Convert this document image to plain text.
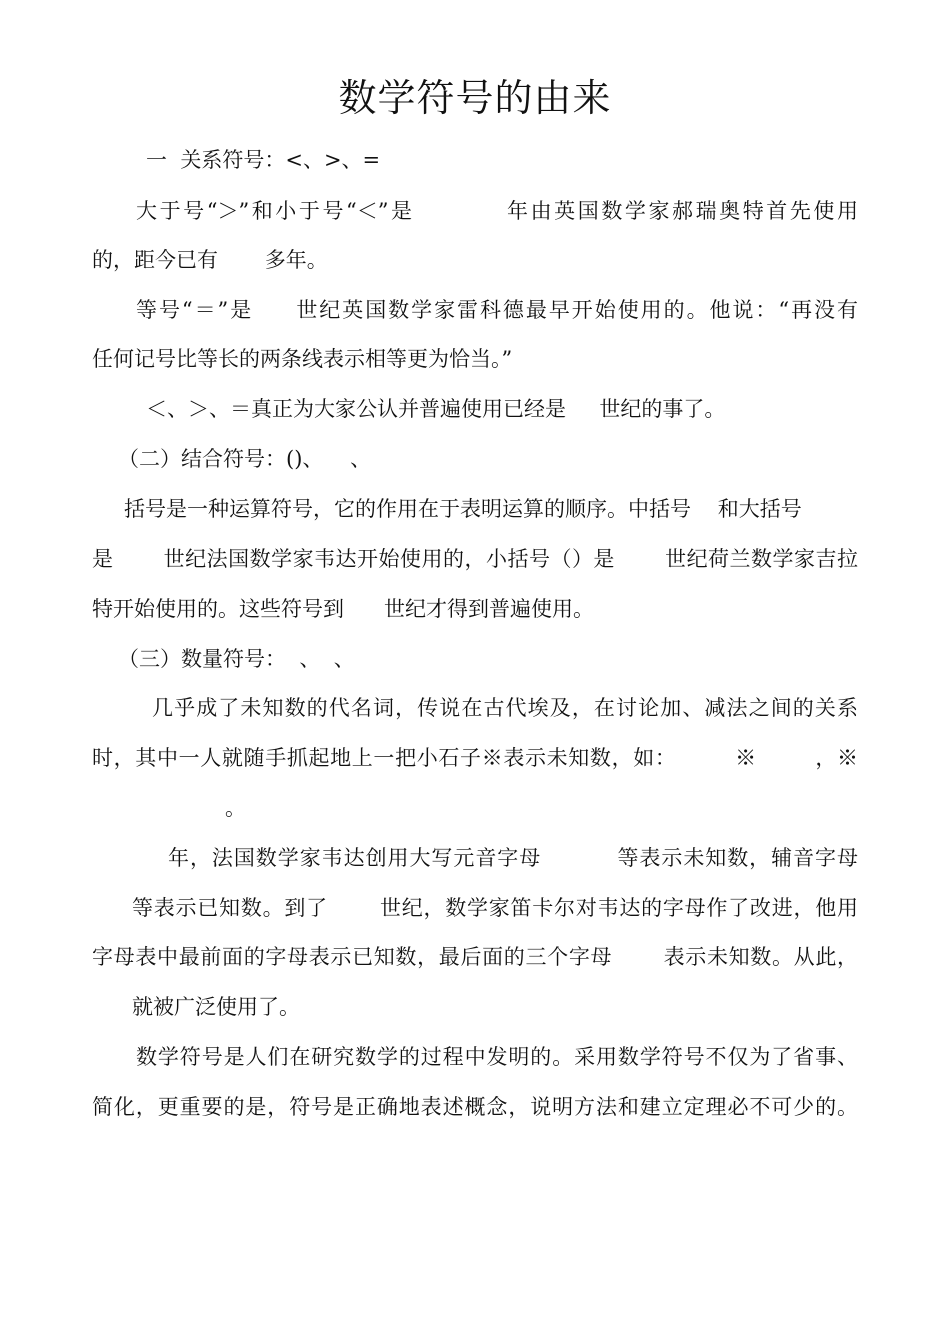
数学符号的由来
一  关系符号：<、>、=
大于号“＞”和小于号“＜”是          年由英国数学家郝瑞奥特首先使用
的，距今已有       多年。
等号“＝”是     世纪英国数学家雷科德最早开始使用的。他说：“再没有
任何记号比等长的两条线表示相等更为恰当。”
＜、＞、＝真正为大家公认并普遍使用已经是     世纪的事了。
（二）结合符号：()、    、
括号是一种运算符号，它的作用在于表明运算的顺序。中括号    和大括号
是       世纪法国数学家韦达开始使用的，小括号（）是       世纪荷兰数学家吉拉
特开始使用的。这些符号到      世纪才得到普遍使用。
（三）数量符号：  、  、
几乎成了未知数的代名词，传说在古代埃及，在讨论加、减法之间的关系
时，其中一人就随手抓起地上一把小石子※表示未知数，如：        ※        ，※
。
年，法国数学家韦达创用大写元音字母          等表示未知数，辅音字母
等表示已知数。到了       世纪，数学家笛卡尔对韦达的字母作了改进，他用
字母表中最前面的字母表示已知数，最后面的三个字母       表示未知数。从此，
就被广泛使用了。
数学符号是人们在研究数学的过程中发明的。采用数学符号不仅为了省事、
简化，更重要的是，符号是正确地表述概念，说明方法和建立定理必不可少的。
